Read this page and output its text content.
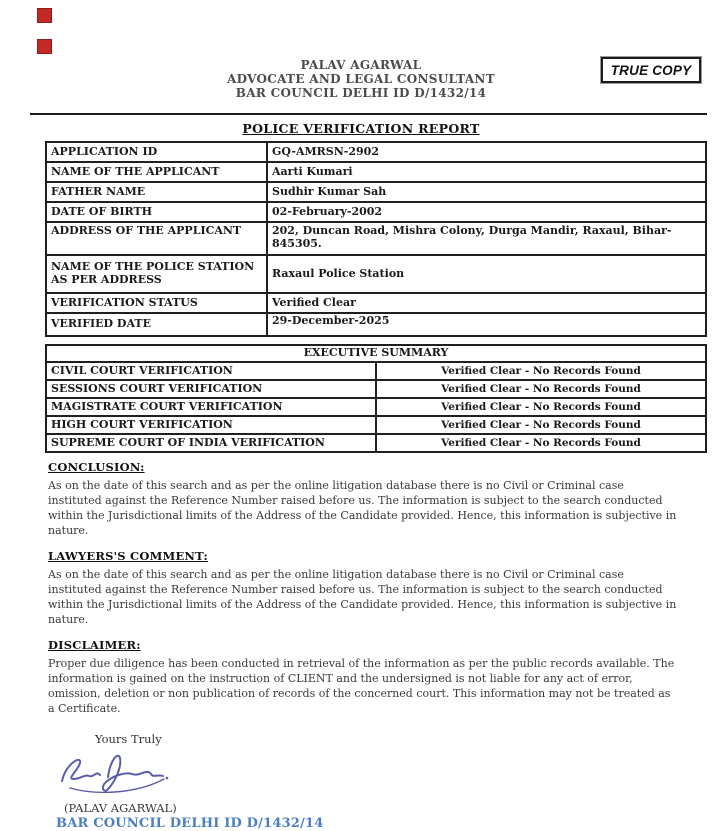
PALAV AGARWAL
ADVOCATE AND LEGAL CONSULTANT
BAR COUNCIL DELHI ID D/1432/14
TRUE COPY
POLICE VERIFICATION REPORT
APPLICATION ID	GQ-AMRSN-2902
NAME OF THE APPLICANT	Aarti Kumari
FATHER NAME	Sudhir Kumar Sah
DATE OF BIRTH	02-February-2002
ADDRESS OF THE APPLICANT	202, Duncan Road, Mishra Colony, Durga Mandir, Raxaul, Bihar-845305.
NAME OF THE POLICE STATION AS PER ADDRESS	Raxaul Police Station
VERIFICATION STATUS	Verified Clear
VERIFIED DATE	29-December-2025
EXECUTIVE SUMMARY	
CIVIL COURT VERIFICATION	Verified Clear - No Records Found
SESSIONS COURT VERIFICATION	Verified Clear - No Records Found
MAGISTRATE COURT VERIFICATION	Verified Clear - No Records Found
HIGH COURT VERIFICATION	Verified Clear - No Records Found
SUPREME COURT OF INDIA VERIFICATION	Verified Clear - No Records Found
CONCLUSION:
As on the date of this search and as per the online litigation database there is no Civil or Criminal case instituted against the Reference Number raised before us. The information is subject to the search conducted within the Jurisdictional limits of the Address of the Candidate provided. Hence, this information is subjective in nature.
LAWYERS'S COMMENT:
As on the date of this search and as per the online litigation database there is no Civil or Criminal case instituted against the Reference Number raised before us. The information is subject to the search conducted within the Jurisdictional limits of the Address of the Candidate provided. Hence, this information is subjective in nature.
DISCLAIMER:
Proper due diligence has been conducted in retrieval of the information as per the public records available. The information is gained on the instruction of CLIENT and the undersigned is not liable for any act of error, omission, deletion or non publication of records of the concerned court. This information may not be treated as a Certificate.
Yours Truly
(PALAV AGARWAL)
BAR COUNCIL DELHI ID D/1432/14
